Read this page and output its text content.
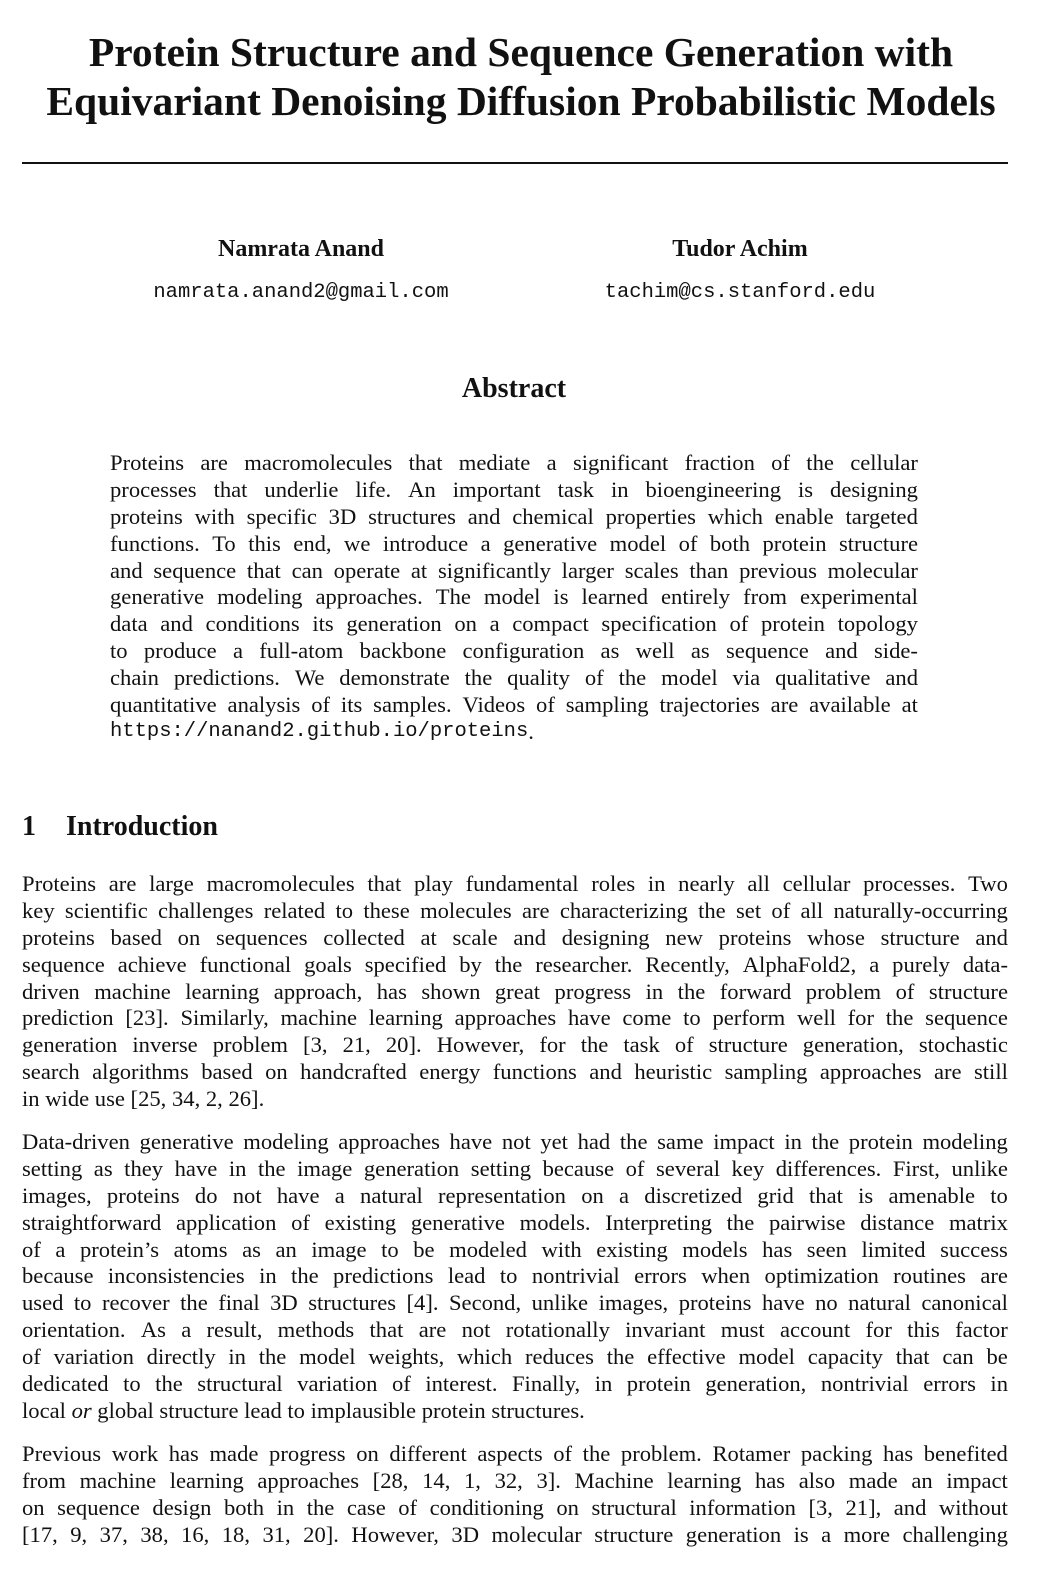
Protein Structure and Sequence Generation with
Equivariant Denoising Diffusion Probabilistic Models
Namrata Anand
namrata.anand2@gmail.com
Tudor Achim
tachim@cs.stanford.edu
Abstract
Proteins are macromolecules that mediate a significant fraction of the cellular
processes that underlie life. An important task in bioengineering is designing
proteins with specific 3D structures and chemical properties which enable targeted
functions. To this end, we introduce a generative model of both protein structure
and sequence that can operate at significantly larger scales than previous molecular
generative modeling approaches. The model is learned entirely from experimental
data and conditions its generation on a compact specification of protein topology
to produce a full-atom backbone configuration as well as sequence and side-
chain predictions. We demonstrate the quality of the model via qualitative and
quantitative analysis of its samples. Videos of sampling trajectories are available at
https://nanand2.github.io/proteins .
1 Introduction
Proteins are large macromolecules that play fundamental roles in nearly all cellular processes. Two
key scientific challenges related to these molecules are characterizing the set of all naturally-occurring
proteins based on sequences collected at scale and designing new proteins whose structure and
sequence achieve functional goals specified by the researcher. Recently, AlphaFold2, a purely data-
driven machine learning approach, has shown great progress in the forward problem of structure
prediction [23]. Similarly, machine learning approaches have come to perform well for the sequence
generation inverse problem [3, 21, 20]. However, for the task of structure generation, stochastic
search algorithms based on handcrafted energy functions and heuristic sampling approaches are still
in wide use [25, 34, 2, 26].
Data-driven generative modeling approaches have not yet had the same impact in the protein modeling
setting as they have in the image generation setting because of several key differences. First, unlike
images, proteins do not have a natural representation on a discretized grid that is amenable to
straightforward application of existing generative models. Interpreting the pairwise distance matrix
of a protein’s atoms as an image to be modeled with existing models has seen limited success
because inconsistencies in the predictions lead to nontrivial errors when optimization routines are
used to recover the final 3D structures [4]. Second, unlike images, proteins have no natural canonical
orientation. As a result, methods that are not rotationally invariant must account for this factor
of variation directly in the model weights, which reduces the effective model capacity that can be
dedicated to the structural variation of interest. Finally, in protein generation, nontrivial errors in
local or global structure lead to implausible protein structures.
Previous work has made progress on different aspects of the problem. Rotamer packing has benefited
from machine learning approaches [28, 14, 1, 32, 3]. Machine learning has also made an impact
on sequence design both in the case of conditioning on structural information [3, 21], and without
[17, 9, 37, 38, 16, 18, 31, 20]. However, 3D molecular structure generation is a more challenging
